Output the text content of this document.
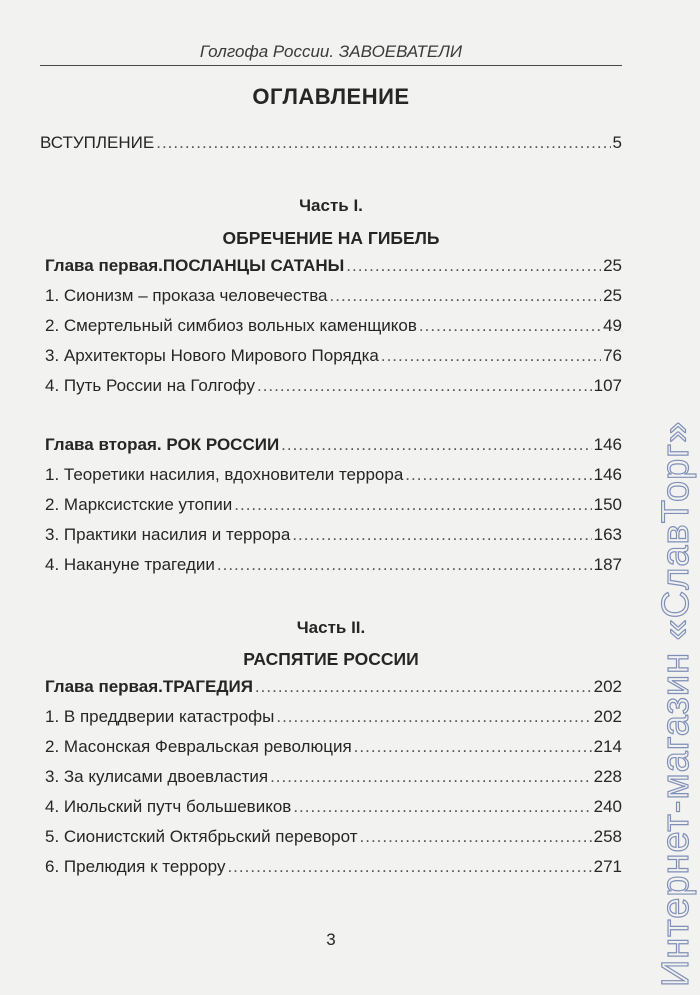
Голгофа России. ЗАВОЕВАТЕЛИ
ОГЛАВЛЕНИЕ
ВСТУПЛЕНИЕ .....	5
Часть I.
ОБРЕЧЕНИЕ НА ГИБЕЛЬ
Глава первая.ПОСЛАНЦЫ САТАНЫ .....	25
1. Сионизм – проказа человечества .....	25
2. Смертельный симбиоз вольных каменщиков .....	49
3. Архитекторы Нового Мирового Порядка .....	76
4. Путь России на Голгофу .....	107
Глава вторая. РОК РОССИИ .....	146
1. Теоретики насилия, вдохновители террора .....	146
2. Марксистские утопии .....	150
3. Практики насилия и террора .....	163
4. Накануне трагедии .....	187
Часть II.
РАСПЯТИЕ РОССИИ
Глава первая.ТРАГЕДИЯ .....	202
1. В преддверии катастрофы .....	202
2. Масонская Февральская революция .....	214
3. За кулисами двоевластия .....	228
4. Июльский путч большевиков .....	240
5. Сионистский Октябрьский переворот .....	258
6. Прелюдия к террору .....	271
3	Интернет-магазин «СлавТорг»
